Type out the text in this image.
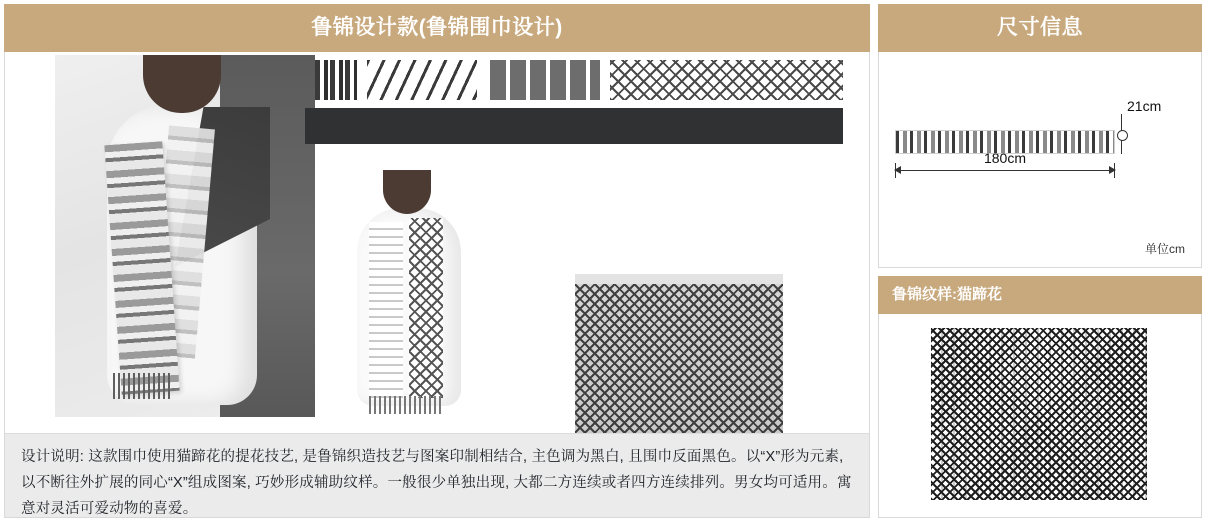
鲁锦设计款(鲁锦围巾设计)
设计说明: 这款围巾使用猫蹄花的提花技艺, 是鲁锦织造技艺与图案印制相结合, 主色调为黑白, 且围巾反面黑色。以“X”形为元素, 以不断往外扩展的同心“X”组成图案, 巧妙形成辅助纹样。一般很少单独出现, 大都二方连续或者四方连续排列。男女均可适用。寓意对灵活可爱动物的喜爱。
尺寸信息
21cm
180cm
单位cm
鲁锦纹样:猫蹄花
